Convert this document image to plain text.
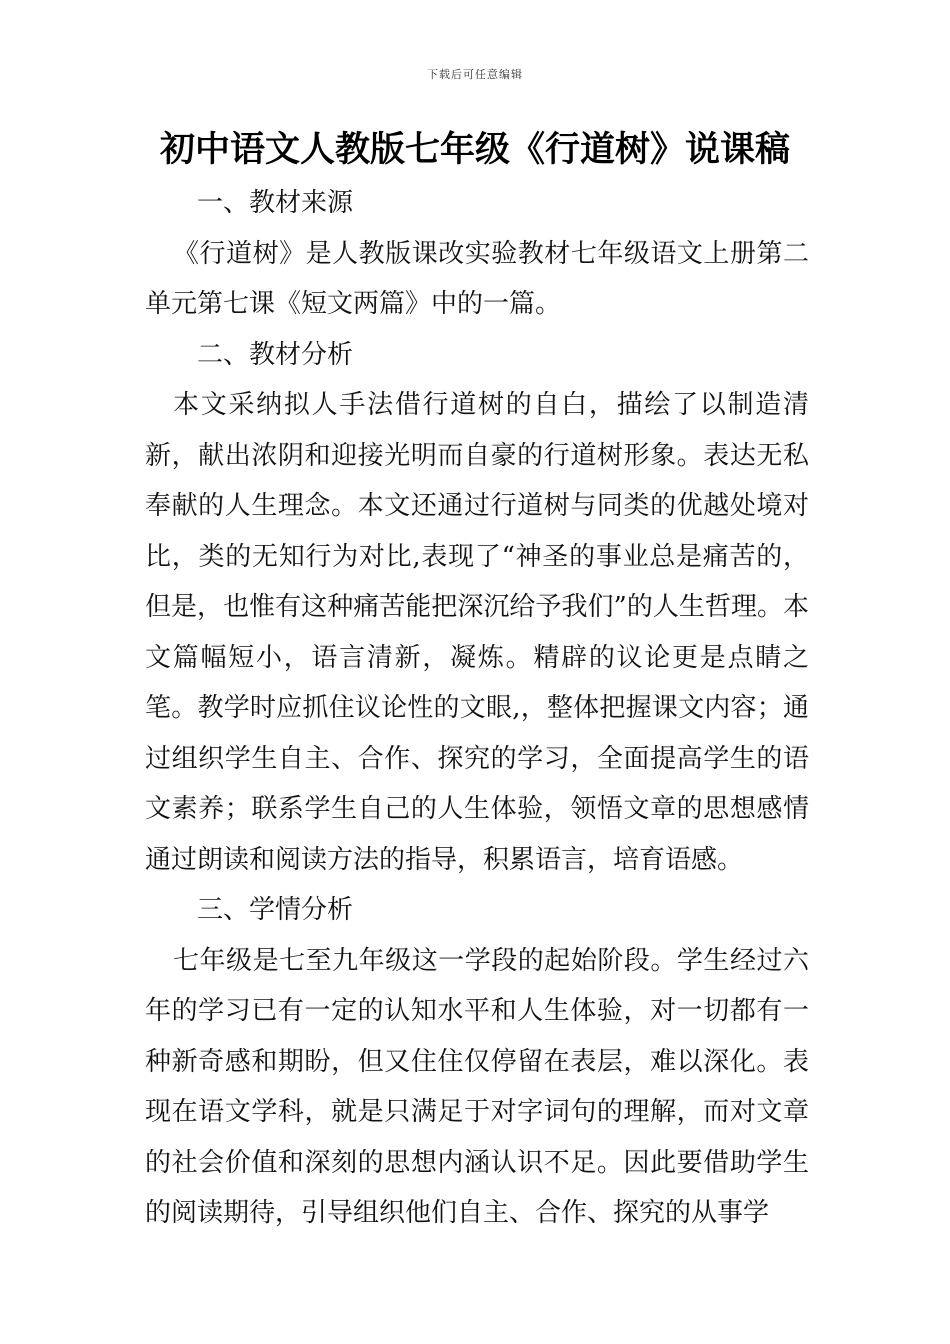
下载后可任意编辑
初中语文人教版七年级《行道树》说课稿

一、教材来源

《行道树》是人教版课改实验教材七年级语文上册第二单元第七课《短文两篇》中的一篇。

二、教材分析

本文采纳拟人手法借行道树的自白，描绘了以制造清新，献出浓阴和迎接光明而自豪的行道树形象。表达无私奉献的人生理念。本文还通过行道树与同类的优越处境对比，类的无知行为对比,表现了“神圣的事业总是痛苦的，但是，也惟有这种痛苦能把深沉给予我们”的人生哲理。本文篇幅短小，语言清新，凝炼。精辟的议论更是点睛之笔。教学时应抓住议论性的文眼,，整体把握课文内容；通过组织学生自主、合作、探究的学习，全面提高学生的语文素养；联系学生自己的人生体验，领悟文章的思想感情通过朗读和阅读方法的指导，积累语言，培育语感。

三、学情分析

七年级是七至九年级这一学段的起始阶段。学生经过六年的学习已有一定的认知水平和人生体验，对一切都有一种新奇感和期盼，但又住住仅停留在表层，难以深化。表现在语文学科，就是只满足于对字词句的理解，而对文章的社会价值和深刻的思想内涵认识不足。因此要借助学生的阅读期待，引导组织他们自主、合作、探究的从事学
